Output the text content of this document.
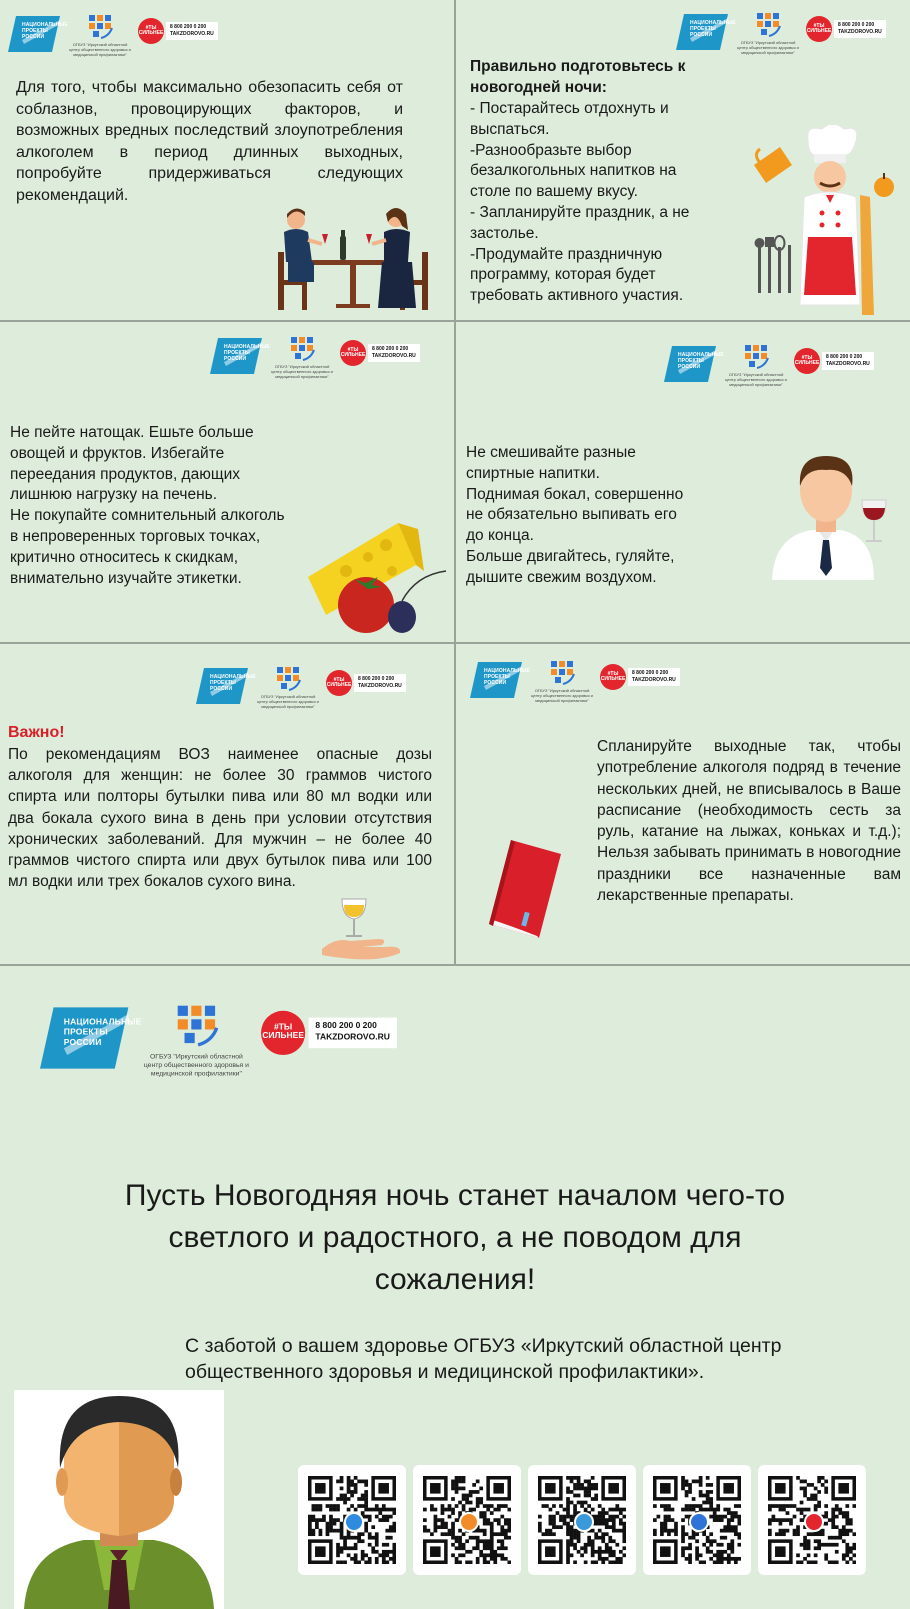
НАЦИОНАЛЬНЫЕ
ПРОЕКТЫ
РОССИИ
ОГБУЗ "Иркутский областной центр общественного здоровья и медицинской профилактики"
#ТЫ СИЛЬНЕЕ
8 800 200 0 200
TAKZDOROVO.RU
НАЦИОНАЛЬНЫЕ
ПРОЕКТЫ
РОССИИ
ОГБУЗ "Иркутский областной центр общественного здоровья и медицинской профилактики"
#ТЫ СИЛЬНЕЕ
8 800 200 0 200
TAKZDOROVO.RU
НАЦИОНАЛЬНЫЕ
ПРОЕКТЫ
РОССИИ
ОГБУЗ "Иркутский областной центр общественного здоровья и медицинской профилактики"
#ТЫ СИЛЬНЕЕ
8 800 200 0 200
TAKZDOROVO.RU	НАЦИОНАЛЬНЫЕ
ПРОЕКТЫ
РОССИИ
ОГБУЗ "Иркутский областной центр общественного здоровья и медицинской профилактики"
#ТЫ СИЛЬНЕЕ
8 800 200 0 200
TAKZDOROVO.RU
НАЦИОНАЛЬНЫЕ
ПРОЕКТЫ
РОССИИ
ОГБУЗ "Иркутский областной центр общественного здоровья и медицинской профилактики"
#ТЫ СИЛЬНЕЕ
8 800 200 0 200
TAKZDOROVO.RU
НАЦИОНАЛЬНЫЕ
ПРОЕКТЫ
РОССИИ
ОГБУЗ "Иркутский областной центр общественного здоровья и медицинской профилактики"
#ТЫ СИЛЬНЕЕ
8 800 200 0 200
TAKZDOROVO.RU
НАЦИОНАЛЬНЫЕ
ПРОЕКТЫ
РОССИИ
ОГБУЗ "Иркутский областной центр общественного здоровья и медицинской профилактики"
#ТЫ СИЛЬНЕЕ
8 800 200 0 200
TAKZDOROVO.RU
Для того, чтобы максимально обезопасить себя от соблазнов, провоцирующих факторов, и возможных вредных последствий злоупотребления алкоголем в период длинных выходных, попробуйте придерживаться следующих рекомендаций.
Правильно подготовьтесь к
новогодней ночи:
- Постарайтесь отдохнуть и
выспаться.
-Разнообразьте выбор
безалкогольных напитков на
столе по вашему вкусу.
- Запланируйте праздник, а не
застолье.
-Продумайте праздничную
программу, которая будет
требовать активного участия.
Не пейте натощак. Ешьте больше
овощей и фруктов. Избегайте
переедания продуктов, дающих
лишнюю нагрузку на печень.
Не покупайте сомнительный алкоголь
в непроверенных торговых точках,
критично относитесь к скидкам,
внимательно изучайте этикетки.
Не смешивайте разные
спиртные напитки.
Поднимая бокал, совершенно
не обязательно выпивать его
до конца.
Больше двигайтесь, гуляйте,
дышите свежим воздухом.
Важно!
По рекомендациям ВОЗ наименее опасные дозы алкоголя для женщин: не более 30 граммов чистого спирта или полторы бутылки пива или 80 мл водки или два бокала сухого вина в день при условии отсутствия хронических заболеваний. Для мужчин – не более 40 граммов чистого спирта или двух бутылок пива или 100 мл водки или трех бокалов сухого вина.
Спланируйте выходные так, чтобы употребление алкоголя подряд в течение нескольких дней, не вписывалось в Ваше расписание (необходимость сесть за руль, катание на лыжах, коньках и т.д.); Нельзя забывать принимать в новогодние праздники все назначенные вам лекарственные препараты.
Пусть Новогодняя ночь станет началом чего-то
светлого и радостного, а не поводом для
сожаления!
С заботой о вашем здоровье ОГБУЗ «Иркутский областной центр
общественного здоровья и медицинской профилактики».
